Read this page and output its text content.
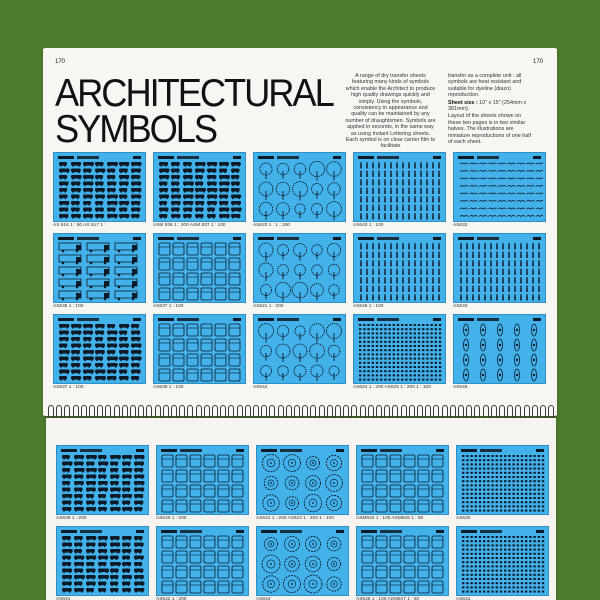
170	170
ARCHITECTURAL
SYMBOLS
A range of dry transfer sheets featuring many kinds of symbols which enable the Architect to produce high quality drawings quickly and simply. Using the symbols, consistency in appearance and quality can be maintained by any number of draughtsmen. Symbols are applied in seconds, in the same way as using Instant Lettering sheets. Each symbol is on clear carrier film to facilitate

transfer as a complete unit : all symbols are heat resistant and suitable for dyeline (diazo) reproduction.

Sheet size : 10" x 15" (254mm x 381mm).

Layout of the sheets shown on these two pages is in two similar halves. The illustrations are miniature reproductions of one half of each sheet.

AS 616 1 : 50 AS 617 1 :	ASM 836 1 : 200 ASM 837 1 : 100	AS620 1 : 1 : 200	AS643 1 : 100	AS632
AS636 1 : 100	AS637 1 : 100	AS621 1 : 200	AS646 1 : 100	AS633
AS637 1 : 100	AS638 1 : 100	AS642	AS624 1 : 200 AS625 1 : 200 1 : 100	AS648
AS639 1 : 200	AS640 1 : 200	AS622 1 : 200 AS623 1 : 200 1 : 100	ASM844 1 : 100 ASM845 1 : 50	AS630
AS641	AS642 1 : 200	AS644	AS646 1 : 100 ASM847 1 : 50	AS631
